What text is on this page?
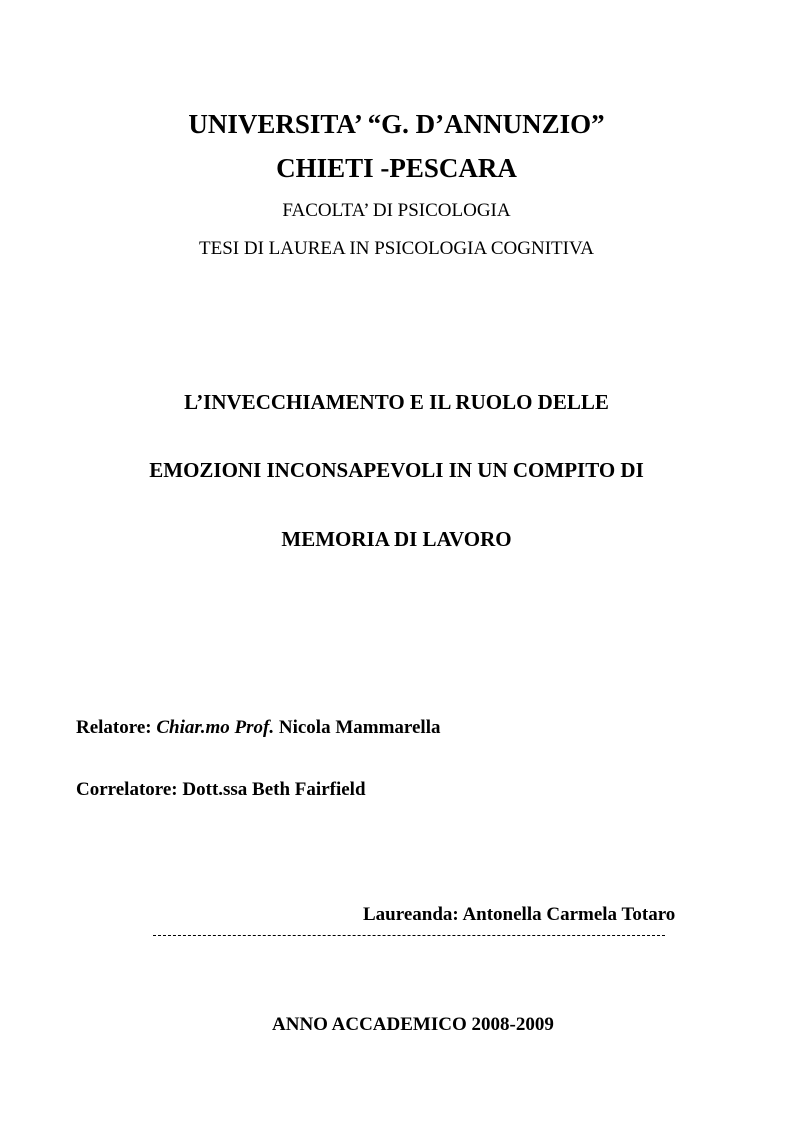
UNIVERSITA’ “G. D’ANNUNZIO”
CHIETI -PESCARA
FACOLTA’ DI PSICOLOGIA
TESI DI LAUREA IN PSICOLOGIA COGNITIVA
L’INVECCHIAMENTO E IL RUOLO DELLE
EMOZIONI INCONSAPEVOLI IN UN COMPITO DI
MEMORIA DI LAVORO
Relatore: Chiar.mo Prof. Nicola Mammarella
Correlatore: Dott.ssa Beth Fairfield
Laureanda: Antonella Carmela Totaro
ANNO ACCADEMICO 2008-2009
